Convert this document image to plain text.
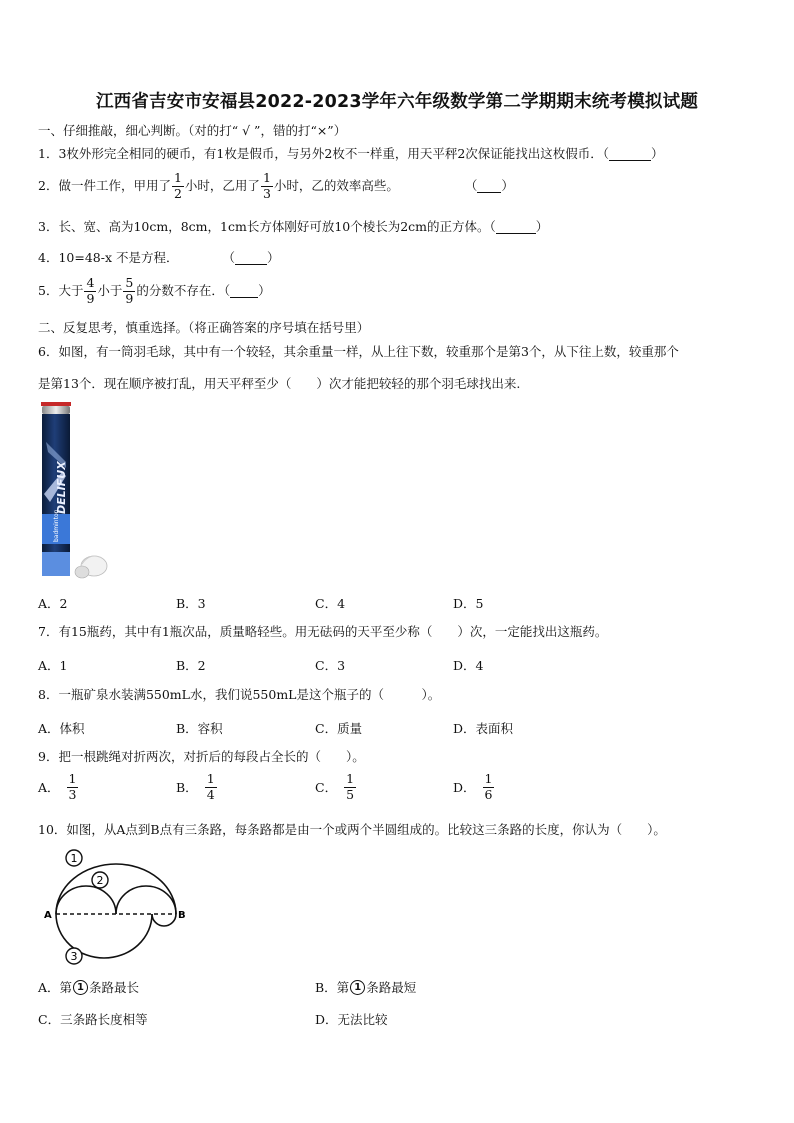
江西省吉安市安福县2022-2023学年六年级数学第二学期期末统考模拟试题
一、仔细推敲，细心判断。（对的打“ √ ”，错的打“×”）
1．3枚外形完全相同的硬币，有1枚是假币，与另外2枚不一样重，用天平秤2次保证能找出这枚假币．（	）
2．做一件工作，甲用了 $\frac{1}{2}$ 小时，乙用了 $\frac{1}{3}$ 小时，乙的效率高些。	（ ）
3．长、宽、高为10cm，8cm，1cm长方体刚好可放10个棱长为2cm的正方体。（	）
4．10=48-x 不是方程．	（	）
5．大于 $\frac{4}{9}$ 小于 $\frac{5}{9}$ 的分数不存在．（ ）
二、反复思考，慎重选择。（将正确答案的序号填在括号里）
6．如图，有一筒羽毛球，其中有一个较轻，其余重量一样，从上往下数，较重那个是第3个，从下往上数，较重那个
是第13个．现在顺序被打乱，用天平秤至少（　　）次才能把较轻的那个羽毛球找出来.
DELIFUX
badminton
A．2	B．3	C．4	D．5
7．有15瓶药，其中有1瓶次品，质量略轻些。用无砝码的天平至少称（　　）次，一定能找出这瓶药。
A．1	B．2	C．3	D．4
8．一瓶矿泉水装满550mL水，我们说550mL是这个瓶子的（　　　）。
A．体积	B．容积	C．质量	D．表面积
9．把一根跳绳对折两次，对折后的每段占全长的（　　）。
A． $\frac{1}{3}$	B． $\frac{1}{4}$	C． $\frac{1}{5}$	D． $\frac{1}{6}$
10．如图，从A点到B点有三条路，每条路都是由一个或两个半圆组成的。比较这三条路的长度，你认为（　　）。
A	B
1
2
3
A．第 1 条路最长	B．第 1 条路最短
C．三条路长度相等	D．无法比较
